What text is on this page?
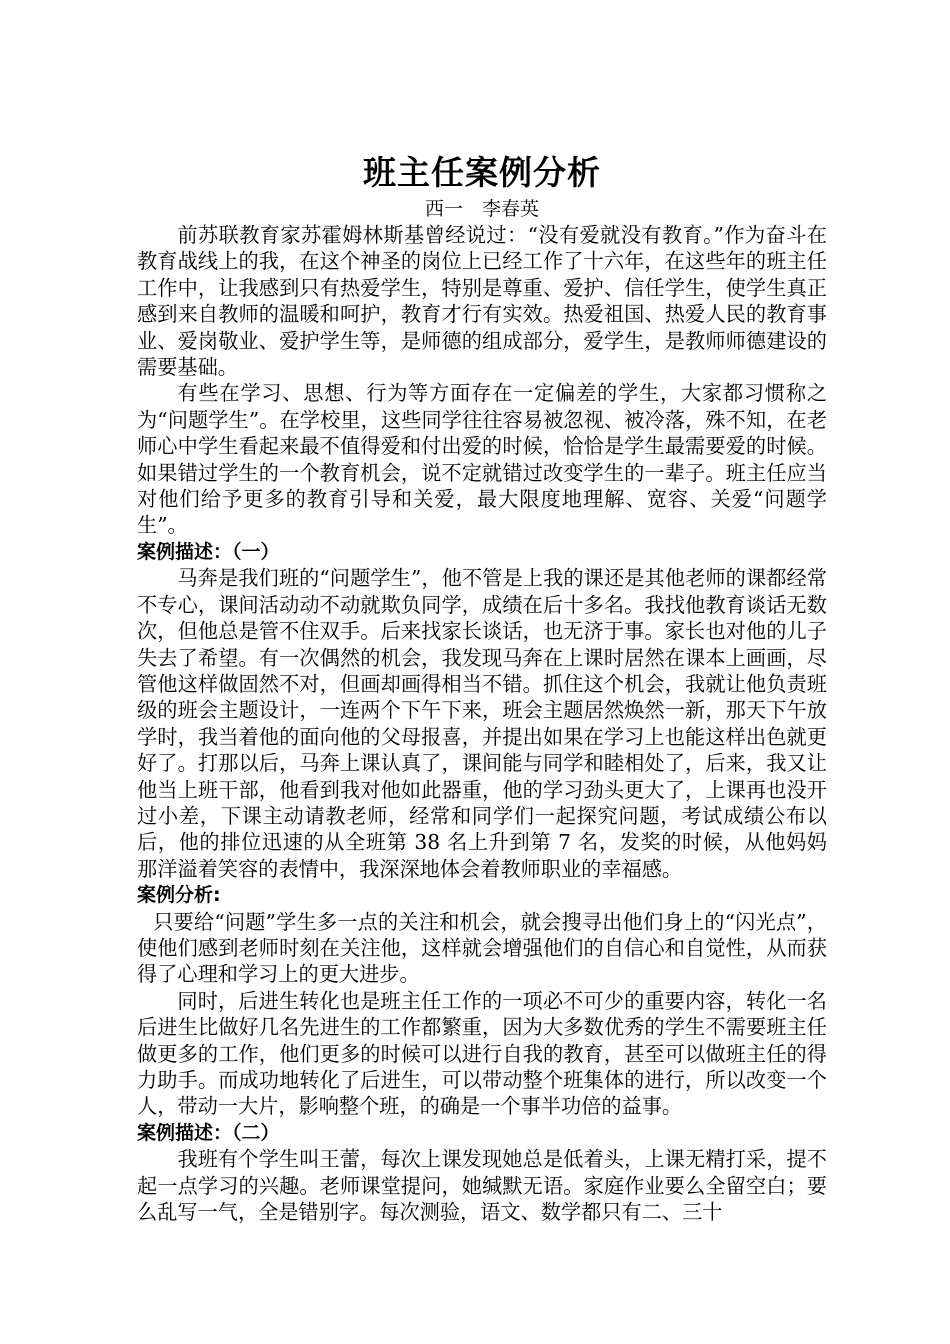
班主任案例分析
西一　李春英

前苏联教育家苏霍姆林斯基曾经说过：“没有爱就没有教育。”作为奋斗在教育战线上的我，在这个神圣的岗位上已经工作了十六年，在这些年的班主任工作中，让我感到只有热爱学生，特别是尊重、爱护、信任学生，使学生真正感到来自教师的温暖和呵护，教育才行有实效。热爱祖国、热爱人民的教育事业、爱岗敬业、爱护学生等，是师德的组成部分，爱学生，是教师师德建设的需要基础。

有些在学习、思想、行为等方面存在一定偏差的学生，大家都习惯称之为“问题学生”。在学校里，这些同学往往容易被忽视、被冷落，殊不知，在老师心中学生看起来最不值得爱和付出爱的时候，恰恰是学生最需要爱的时候。如果错过学生的一个教育机会，说不定就错过改变学生的一辈子。班主任应当对他们给予更多的教育引导和关爱，最大限度地理解、宽容、关爱“问题学生”。

案例描述：（一）

马奔是我们班的“问题学生”，他不管是上我的课还是其他老师的课都经常不专心，课间活动动不动就欺负同学，成绩在后十多名。我找他教育谈话无数次，但他总是管不住双手。后来找家长谈话，也无济于事。家长也对他的儿子失去了希望。有一次偶然的机会，我发现马奔在上课时居然在课本上画画，尽管他这样做固然不对，但画却画得相当不错。抓住这个机会，我就让他负责班级的班会主题设计，一连两个下午下来，班会主题居然焕然一新，那天下午放学时，我当着他的面向他的父母报喜，并提出如果在学习上也能这样出色就更好了。打那以后，马奔上课认真了，课间能与同学和睦相处了，后来，我又让他当上班干部，他看到我对他如此器重，他的学习劲头更大了，上课再也没开过小差，下课主动请教老师，经常和同学们一起探究问题，考试成绩公布以后，他的排位迅速的从全班第 38 名上升到第 7 名，发奖的时候，从他妈妈那洋溢着笑容的表情中，我深深地体会着教师职业的幸福感。

案例分析:

只要给“问题”学生多一点的关注和机会，就会搜寻出他们身上的“闪光点”，使他们感到老师时刻在关注他，这样就会增强他们的自信心和自觉性，从而获得了心理和学习上的更大进步。

同时，后进生转化也是班主任工作的一项必不可少的重要内容，转化一名后进生比做好几名先进生的工作都繁重，因为大多数优秀的学生不需要班主任做更多的工作，他们更多的时候可以进行自我的教育，甚至可以做班主任的得力助手。而成功地转化了后进生，可以带动整个班集体的进行，所以改变一个人，带动一大片，影响整个班，的确是一个事半功倍的益事。

案例描述：（二）

我班有个学生叫王蕾，每次上课发现她总是低着头，上课无精打采，提不起一点学习的兴趣。老师课堂提问，她缄默无语。家庭作业要么全留空白；要么乱写一气，全是错别字。每次测验，语文、数学都只有二、三十
